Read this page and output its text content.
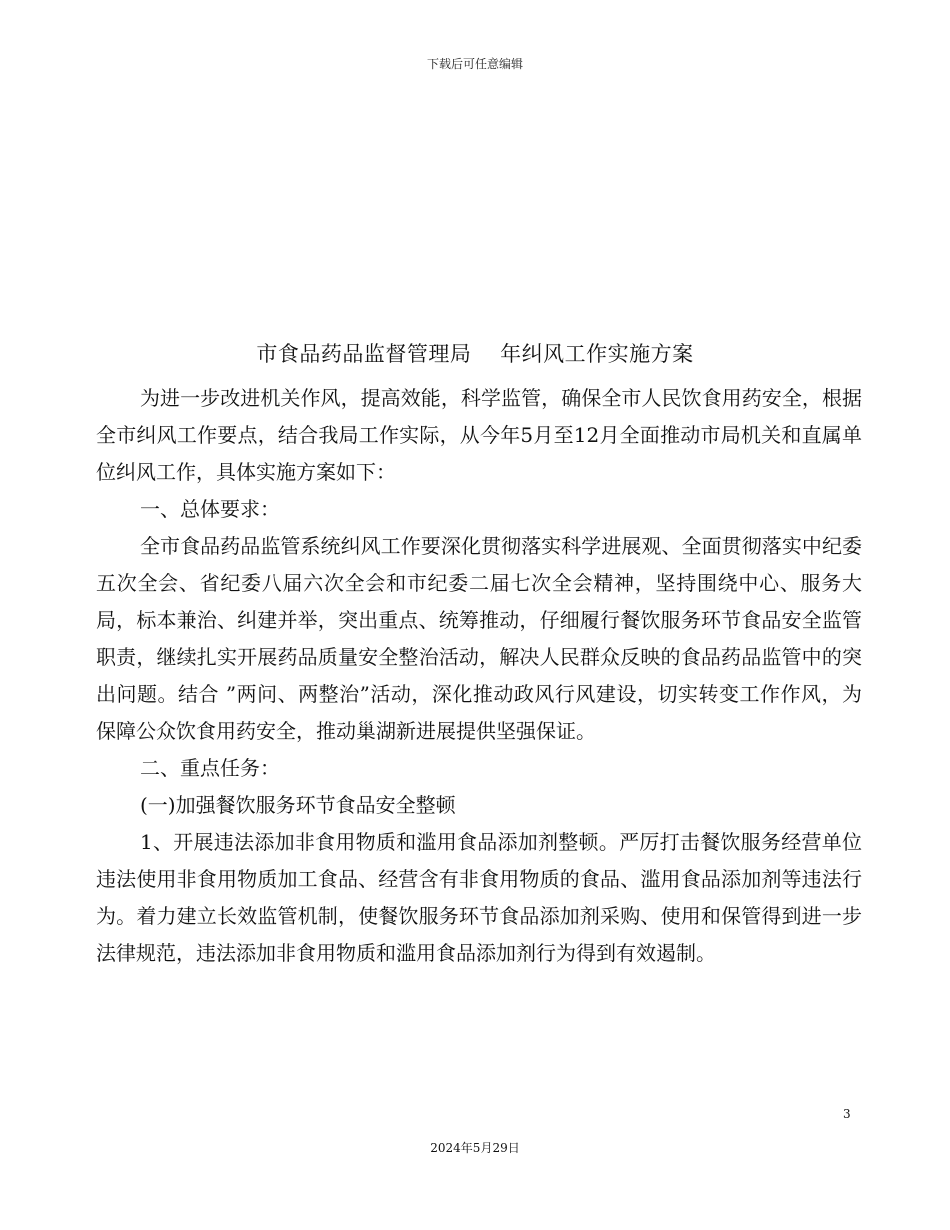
下载后可任意编辑
市食品药品监督管理局    年纠风工作实施方案

为进一步改进机关作风，提高效能，科学监管，确保全市人民饮食用药安全，根据全市纠风工作要点，结合我局工作实际，从今年5月至12月全面推动市局机关和直属单位纠风工作，具体实施方案如下：

一、总体要求：

全市食品药品监管系统纠风工作要深化贯彻落实科学进展观、全面贯彻落实中纪委五次全会、省纪委八届六次全会和市纪委二届七次全会精神，坚持围绕中心、服务大局，标本兼治、纠建并举，突出重点、统筹推动，仔细履行餐饮服务环节食品安全监管职责，继续扎实开展药品质量安全整治活动，解决人民群众反映的食品药品监管中的突出问题。结合 ”两问、两整治”活动，深化推动政风行风建设，切实转变工作作风，为保障公众饮食用药安全，推动巢湖新进展提供坚强保证。

二、重点任务：

(一)加强餐饮服务环节食品安全整顿

1、开展违法添加非食用物质和滥用食品添加剂整顿。严厉打击餐饮服务经营单位违法使用非食用物质加工食品、经营含有非食用物质的食品、滥用食品添加剂等违法行为。着力建立长效监管机制，使餐饮服务环节食品添加剂采购、使用和保管得到进一步法律规范，违法添加非食用物质和滥用食品添加剂行为得到有效遏制。

3
2024年5月29日
